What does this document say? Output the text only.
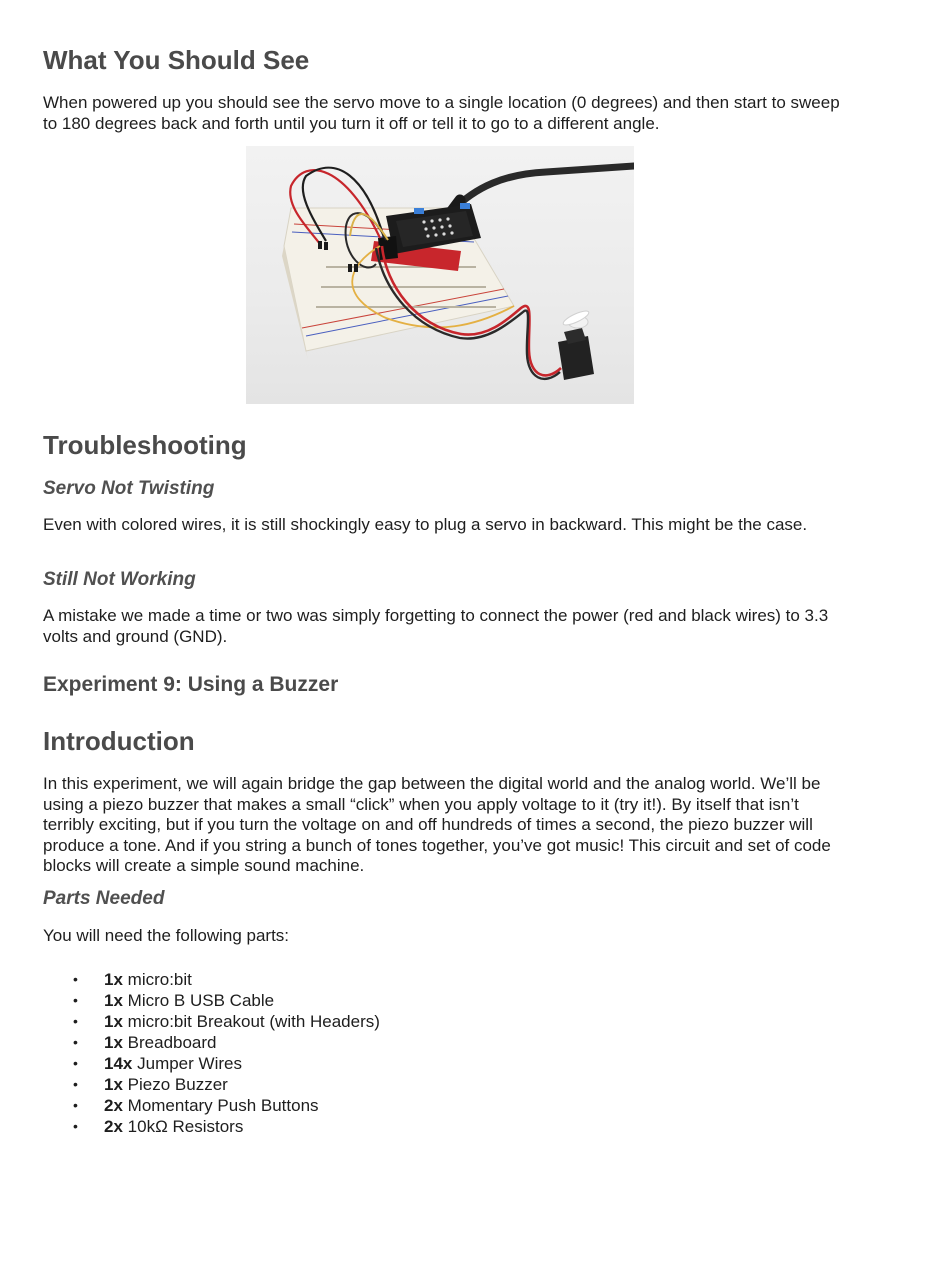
What You Should See

When powered up you should see the servo move to a single location (0 degrees) and then start to sweep to 180 degrees back and forth until you turn it off or tell it to go to a different angle.

Troubleshooting
Servo Not Twisting

Even with colored wires, it is still shockingly easy to plug a servo in backward. This might be the case.

Still Not Working

A mistake we made a time or two was simply forgetting to connect the power (red and black wires) to 3.3 volts and ground (GND).

Experiment 9: Using a Buzzer
Introduction

In this experiment, we will again bridge the gap between the digital world and the analog world. We’ll be using a piezo buzzer that makes a small “click” when you apply voltage to it (try it!). By itself that isn’t terribly exciting, but if you turn the voltage on and off hundreds of times a second, the piezo buzzer will produce a tone. And if you string a bunch of tones together, you’ve got music! This circuit and set of code blocks will create a simple sound machine.

Parts Needed

You will need the following parts:

• 1x micro:bit
• 1x Micro B USB Cable
• 1x micro:bit Breakout (with Headers)
• 1x Breadboard
• 14x Jumper Wires
• 1x Piezo Buzzer
• 2x Momentary Push Buttons
• 2x 10kΩ Resistors
